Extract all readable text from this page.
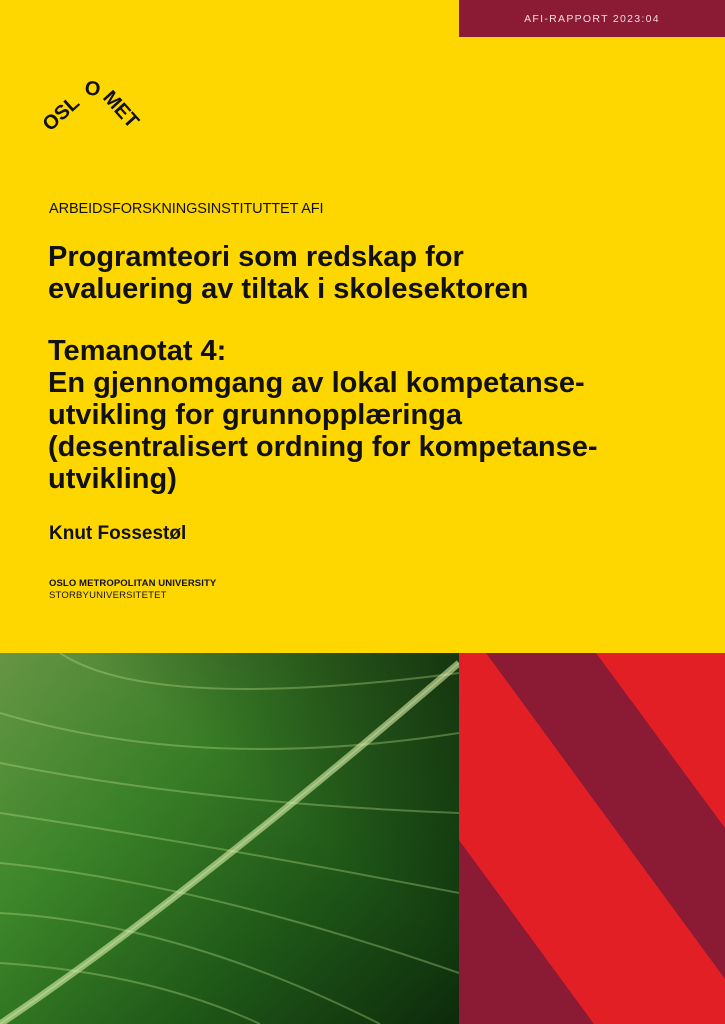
AFI-RAPPORT 2023:04
OSL
O
MET
ARBEIDSFORSKNINGSINSTITUTTET AFI
Programteori som redskap for
evaluering av tiltak i skolesektoren
Temanotat 4:
En gjennomgang av lokal kompetanse-
utvikling for grunnopplæringa
(desentralisert ordning for kompetanse-
utvikling)
Knut Fossestøl
OSLO METROPOLITAN UNIVERSITY
STORBYUNIVERSITETET
